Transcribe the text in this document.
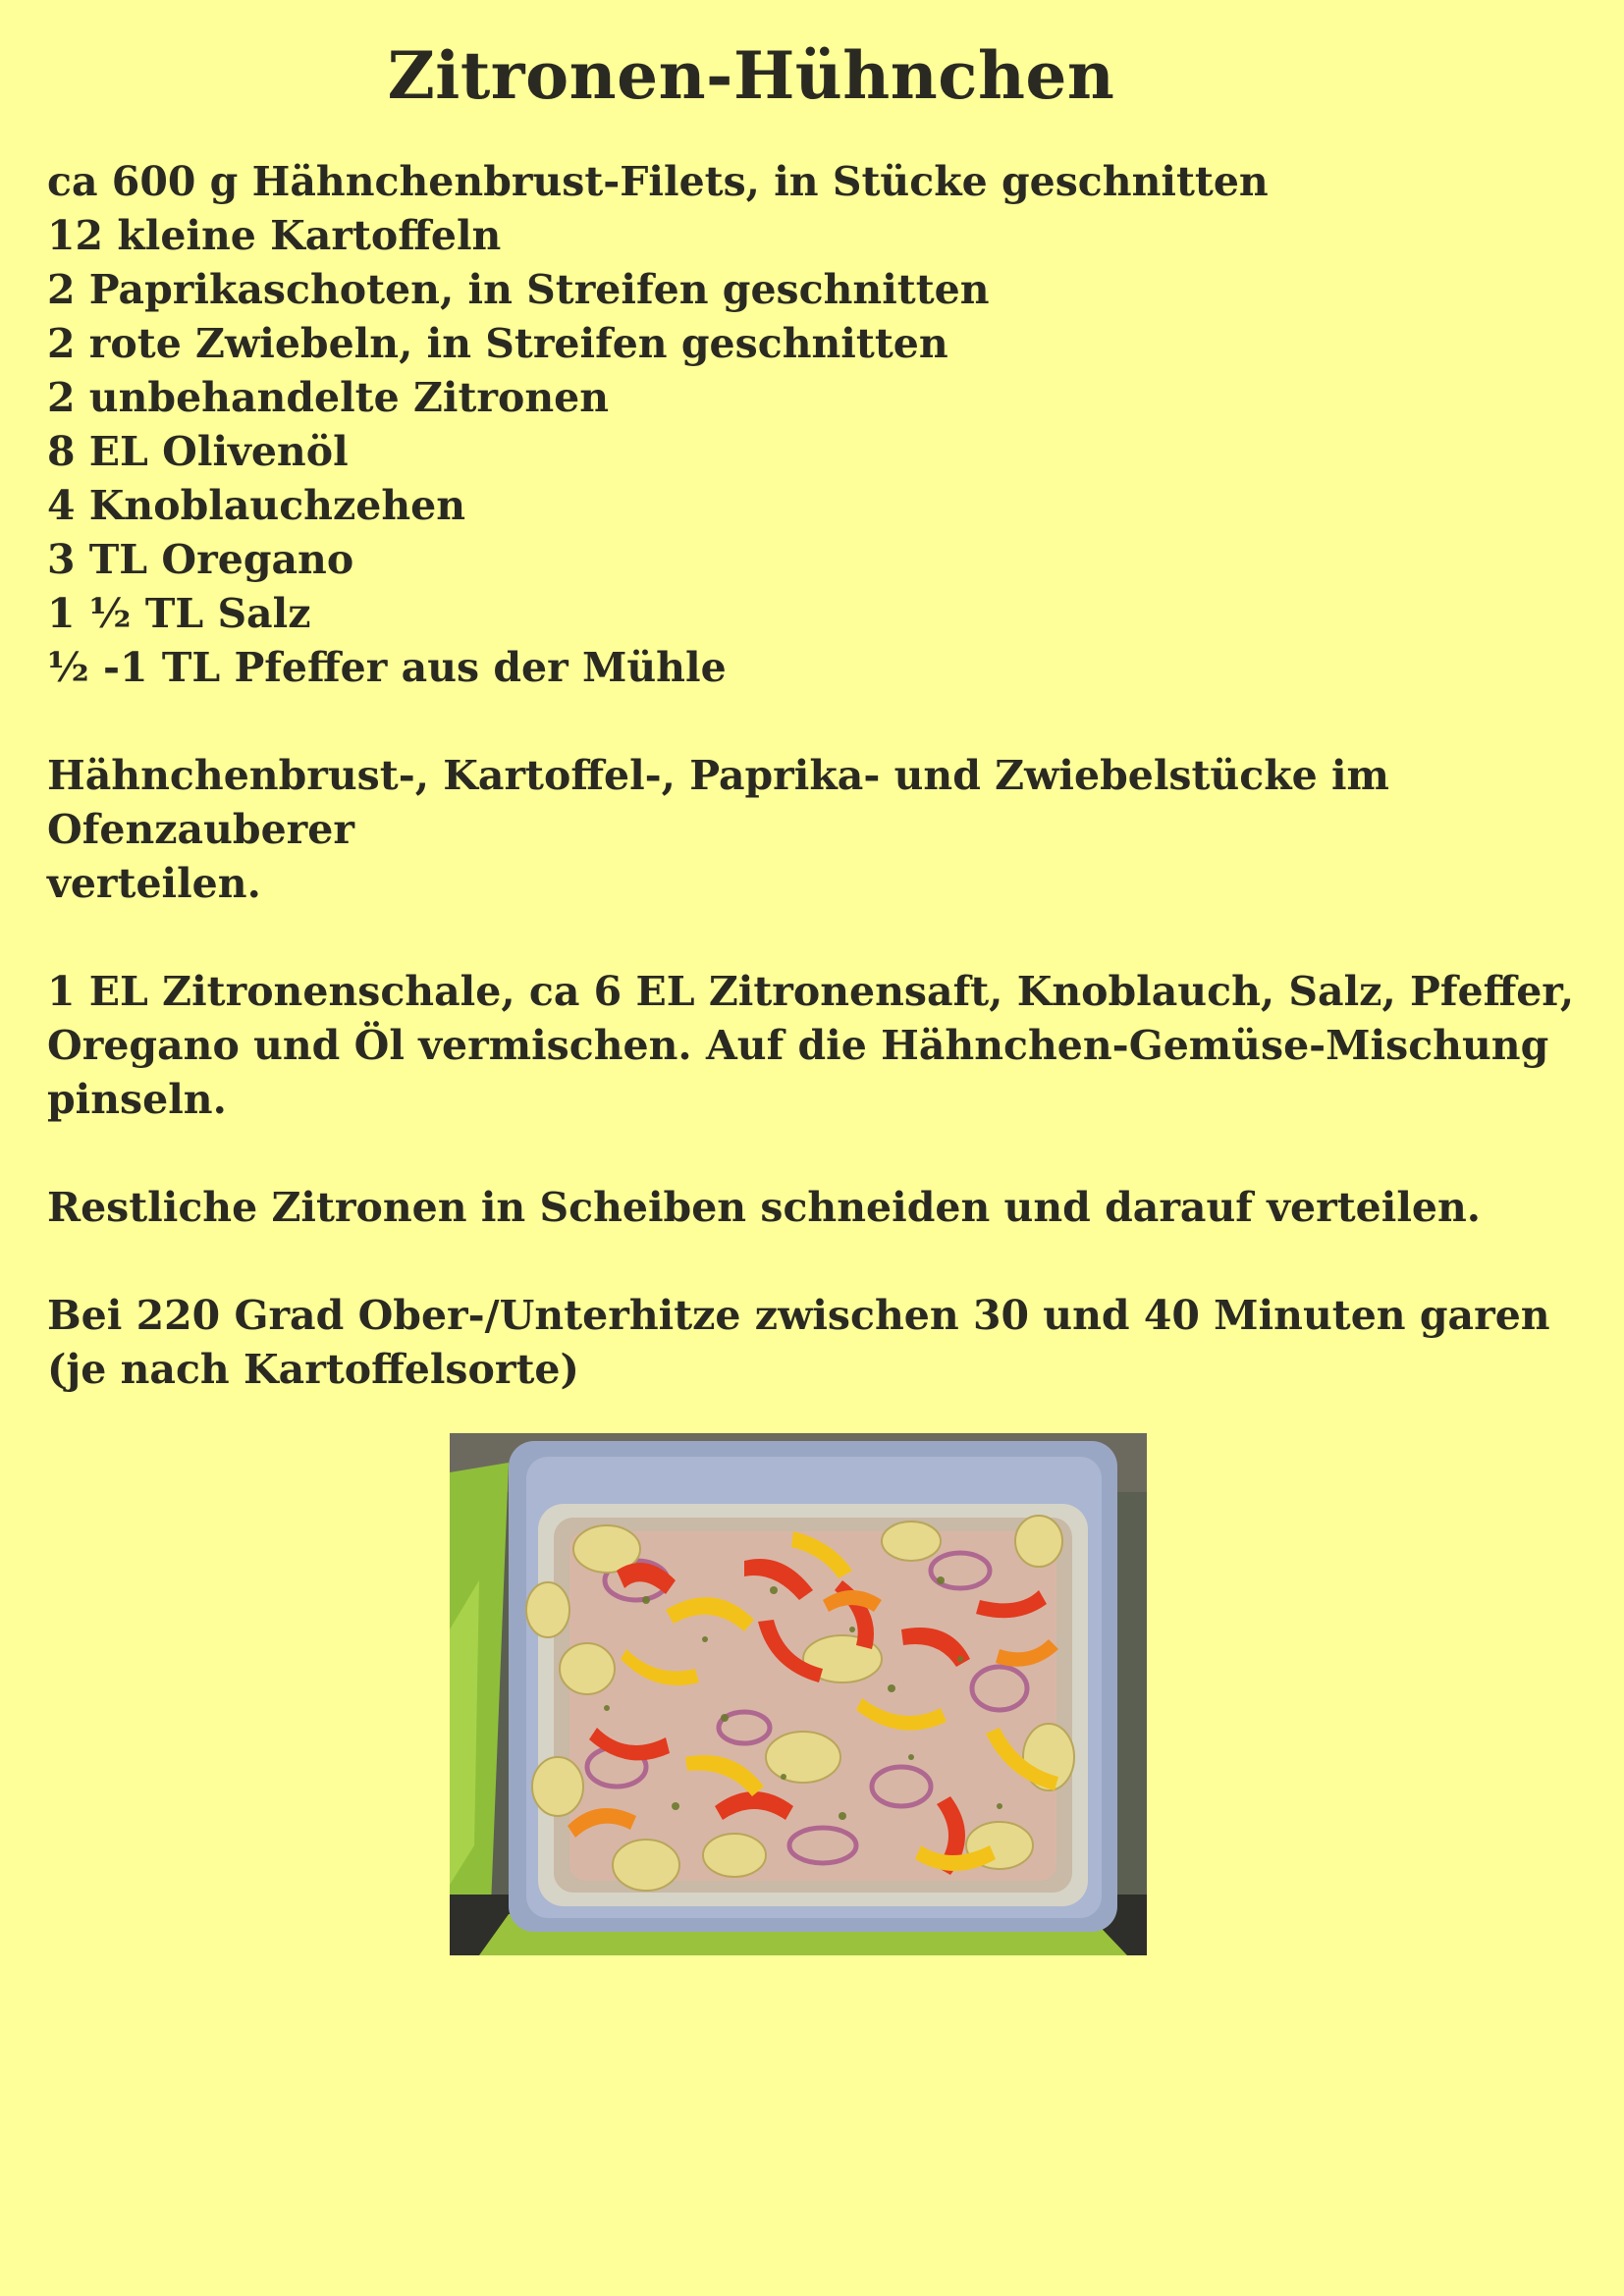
Zitronen-Hühnchen
ca 600 g Hähnchenbrust-Filets, in Stücke geschnitten
12 kleine Kartoffeln
2 Paprikaschoten, in Streifen geschnitten
2 rote Zwiebeln, in Streifen geschnitten
2 unbehandelte Zitronen
8 EL Olivenöl
4 Knoblauchzehen
3 TL Oregano
1 ½ TL Salz
½ -1 TL Pfeffer aus der Mühle

Hähnchenbrust-, Kartoffel-, Paprika- und Zwiebelstücke im Ofenzauberer
verteilen.

1 EL Zitronenschale, ca 6 EL Zitronensaft, Knoblauch, Salz, Pfeffer,
Oregano und Öl vermischen. Auf die Hähnchen-Gemüse-Mischung pinseln.

Restliche Zitronen in Scheiben schneiden und darauf verteilen.

Bei 220 Grad Ober-/Unterhitze zwischen 30 und 40 Minuten garen
(je nach Kartoffelsorte)
